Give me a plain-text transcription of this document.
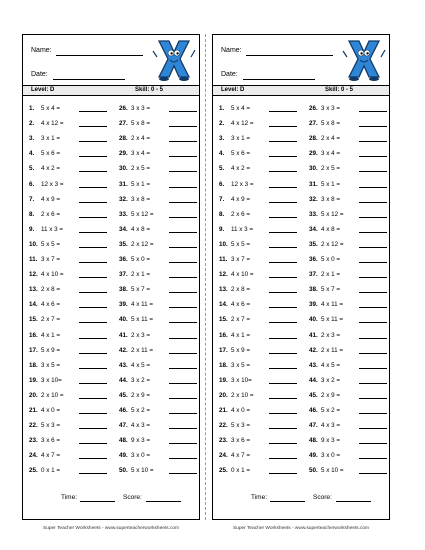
Name:
Date:
Level: D	Skill: 0 - 5
1. 5 x 4 =
2. 4 x 12 =
3. 3 x 1 =
4. 5 x 6 =
5. 4 x 2 =
6. 12 x 3 =
7. 4 x 9 =
8. 2 x 6 =
9. 11 x 3 =
10. 5 x 5 =
11. 3 x 7 =
12. 4 x 10 =
13. 2 x 8 =
14. 4 x 6 =
15. 2 x 7 =
16. 4 x 1 =
17. 5 x 9 =
18. 3 x 5 =
19. 3 x 10=
20. 2 x 10 =
21. 4 x 0 =
22. 5 x 3 =
23. 3 x 6 =
24. 4 x 7 =
25. 0 x 1 =
26. 3 x 3 =
27. 5 x 8 =
28. 2 x 4 =
29. 3 x 4 =
30. 2 x 5 =
31. 5 x 1 =
32. 3 x 8 =
33. 5 x 12 =
34. 4 x 8 =
35. 2 x 12 =
36. 5 x 0 =
37. 2 x 1 =
38. 5 x 7 =
39. 4 x 11 =
40. 5 x 11 =
41. 2 x 3 =
42. 2 x 11 =
43. 4 x 5 =
44. 3 x 2 =
45. 2 x 9 =
46. 5 x 2 =
47. 4 x 3 =
48. 9 x 3 =
49. 3 x 0 =
50. 5 x 10 =
Time:	Score:
Super Teacher Worksheets - www.superteacherworksheets.com
Name:
Date:
Level: D	Skill: 0 - 5
1. 5 x 4 =
2. 4 x 12 =
3. 3 x 1 =
4. 5 x 6 =
5. 4 x 2 =
6. 12 x 3 =
7. 4 x 9 =
8. 2 x 6 =
9. 11 x 3 =
10. 5 x 5 =
11. 3 x 7 =
12. 4 x 10 =
13. 2 x 8 =
14. 4 x 6 =
15. 2 x 7 =
16. 4 x 1 =
17. 5 x 9 =
18. 3 x 5 =
19. 3 x 10=
20. 2 x 10 =
21. 4 x 0 =
22. 5 x 3 =
23. 3 x 6 =
24. 4 x 7 =
25. 0 x 1 =
26. 3 x 3 =
27. 5 x 8 =
28. 2 x 4 =
29. 3 x 4 =
30. 2 x 5 =
31. 5 x 1 =
32. 3 x 8 =
33. 5 x 12 =
34. 4 x 8 =
35. 2 x 12 =
36. 5 x 0 =
37. 2 x 1 =
38. 5 x 7 =
39. 4 x 11 =
40. 5 x 11 =
41. 2 x 3 =
42. 2 x 11 =
43. 4 x 5 =
44. 3 x 2 =
45. 2 x 9 =
46. 5 x 2 =
47. 4 x 3 =
48. 9 x 3 =
49. 3 x 0 =
50. 5 x 10 =
Time:	Score:
Super Teacher Worksheets - www.superteacherworksheets.com
